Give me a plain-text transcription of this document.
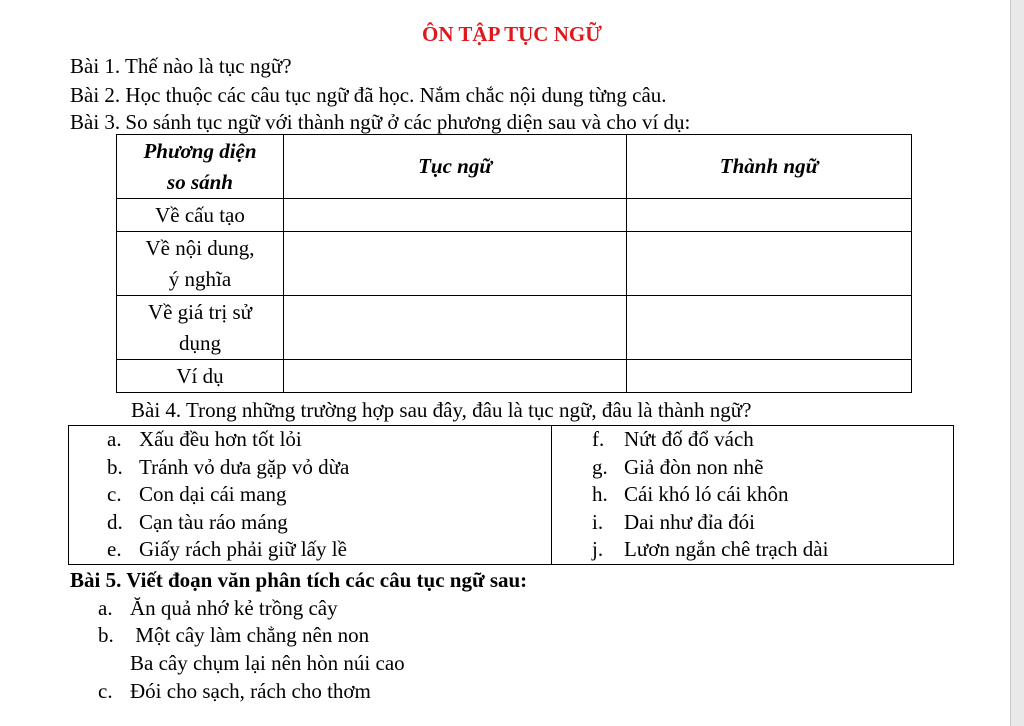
ÔN TẬP TỤC NGỮ
Bài 1. Thế nào là tục ngữ?
Bài 2. Học thuộc các câu tục ngữ đã học. Nắm chắc nội dung từng câu.
Bài 3. So sánh tục ngữ với thành ngữ ở các phương diện sau và cho ví dụ:
Phương diện
so sánh	Tục ngữ	Thành ngữ
Về cấu tạo		

Về nội dung,
ý nghĩa		

Về giá trị sử
dụng		

Ví dụ		
Bài 4. Trong những trường hợp sau đây, đâu là tục ngữ, đâu là thành ngữ?
a. Xấu đều hơn tốt lỏi
b. Tránh vỏ dưa gặp vỏ dừa
c. Con dại cái mang
d. Cạn tàu ráo máng
e. Giấy rách phải giữ lấy lề

f. Nứt đố đổ vách
g. Giả đòn non nhẽ
h. Cái khó ló cái khôn
i. Dai như đỉa đói
j. Lươn ngắn chê trạch dài
Bài 5. Viết đoạn văn phân tích các câu tục ngữ sau:
a. Ăn quả nhớ kẻ trồng cây
b. Một cây làm chẳng nên non
Ba cây chụm lại nên hòn núi cao
c. Đói cho sạch, rách cho thơm
